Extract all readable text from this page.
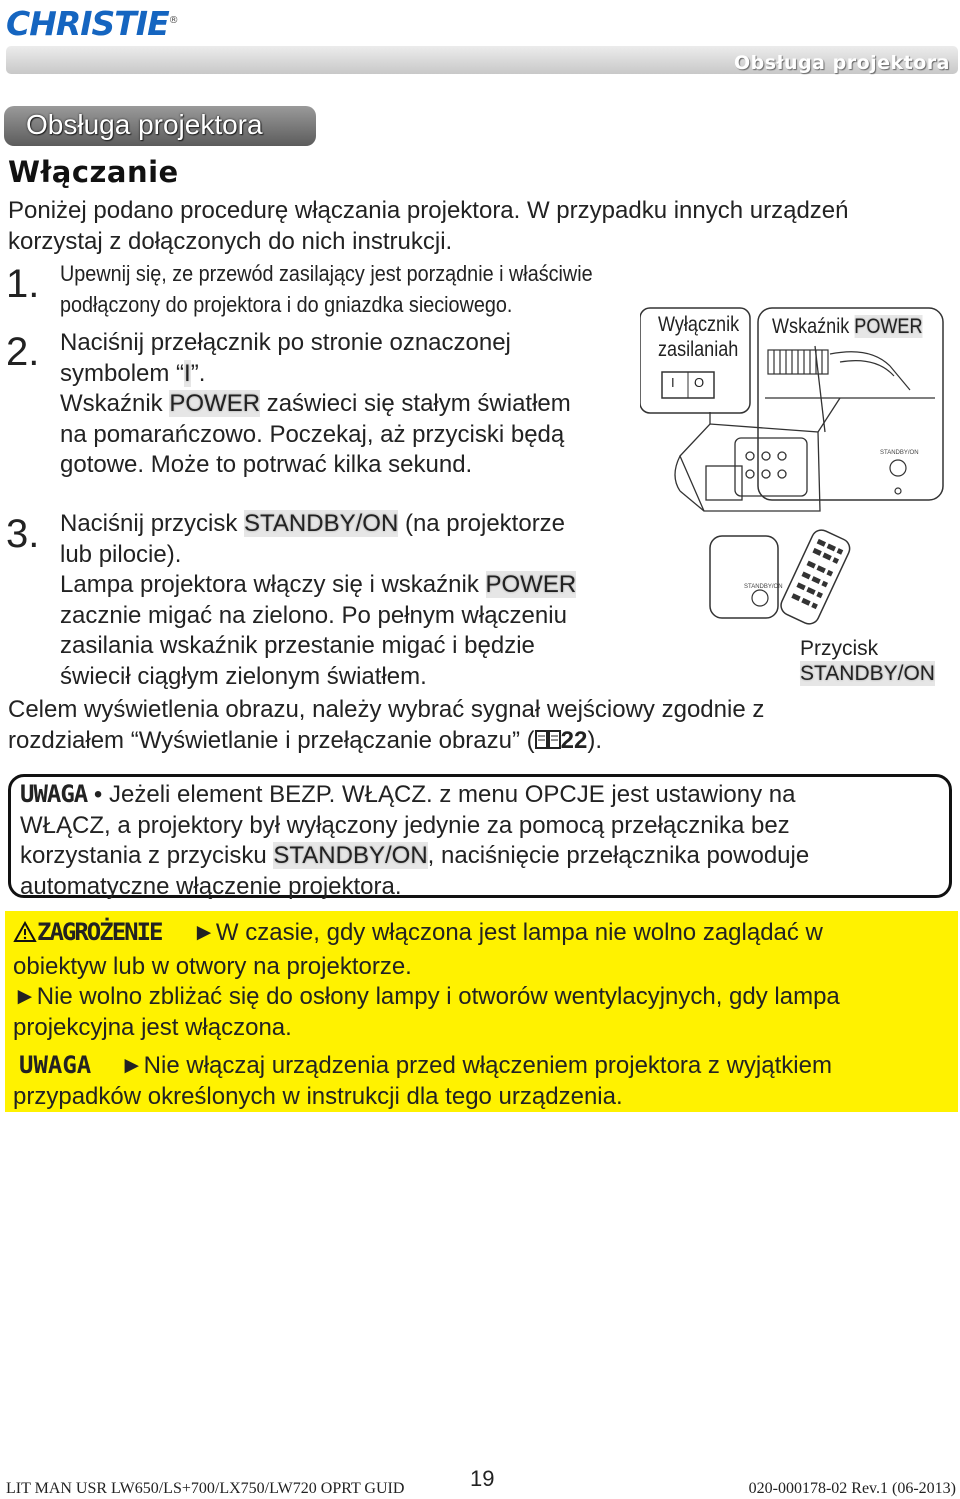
CHRISTIE®
Obsługa projektora
Obsługa projektora
Włączanie
Poniżej podano procedurę włączania projektora. W przypadku innych urządzeń
korzystaj z dołączonych do nich instrukcji.
1. Upewnij się, ze przewód zasilający jest porządnie i właściwie
podłączony do projektora i do gniazdka sieciowego.
2. Naciśnij przełącznik po stronie oznaczonej
symbolem “I”.
Wskaźnik POWER zaświeci się stałym światłem
na pomarańczowo. Poczekaj, aż przyciski będą
gotowe. Może to potrwać kilka sekund.
3. Naciśnij przycisk STANDBY/ON (na projektorze
lub pilocie).
Lampa projektora włączy się i wskaźnik POWER
zacznie migać na zielono. Po pełnym włączeniu
zasilania wskaźnik przestanie migać i będzie
świecił ciągłym zielonym światłem.
Celem wyświetlenia obrazu, należy wybrać sygnał wejściowy zgodnie z
rozdziałem “Wyświetlanie i przełączanie obrazu” ( 22).
Wyłącznik
zasilaniah
I O
Wskaźnik POWER
STANDBY/ON
STANDBY/ON
Przycisk
STANDBY/ON
UWAGA • Jeżeli element BEZP. WŁĄCZ. z menu OPCJE jest ustawiony na
WŁĄCZ, a projektory był wyłączony jedynie za pomocą przełącznika bez
korzystania z przycisku STANDBY/ON, naciśnięcie przełącznika powoduje
automatyczne włączenie projektora.
ZAGROŻENIE ►W czasie, gdy włączona jest lampa nie wolno zaglądać w
obiektyw lub w otwory na projektorze.
►Nie wolno zbliżać się do osłony lampy i otworów wentylacyjnych, gdy lampa
projekcyjna jest włączona.
UWAGA ►Nie włączaj urządzenia przed włączeniem projektora z wyjątkiem
przypadków określonych w instrukcji dla tego urządzenia.
LIT MAN USR LW650/LS+700/LX750/LW720 OPRT GUID	19	020-000178-02 Rev.1 (06-2013)
